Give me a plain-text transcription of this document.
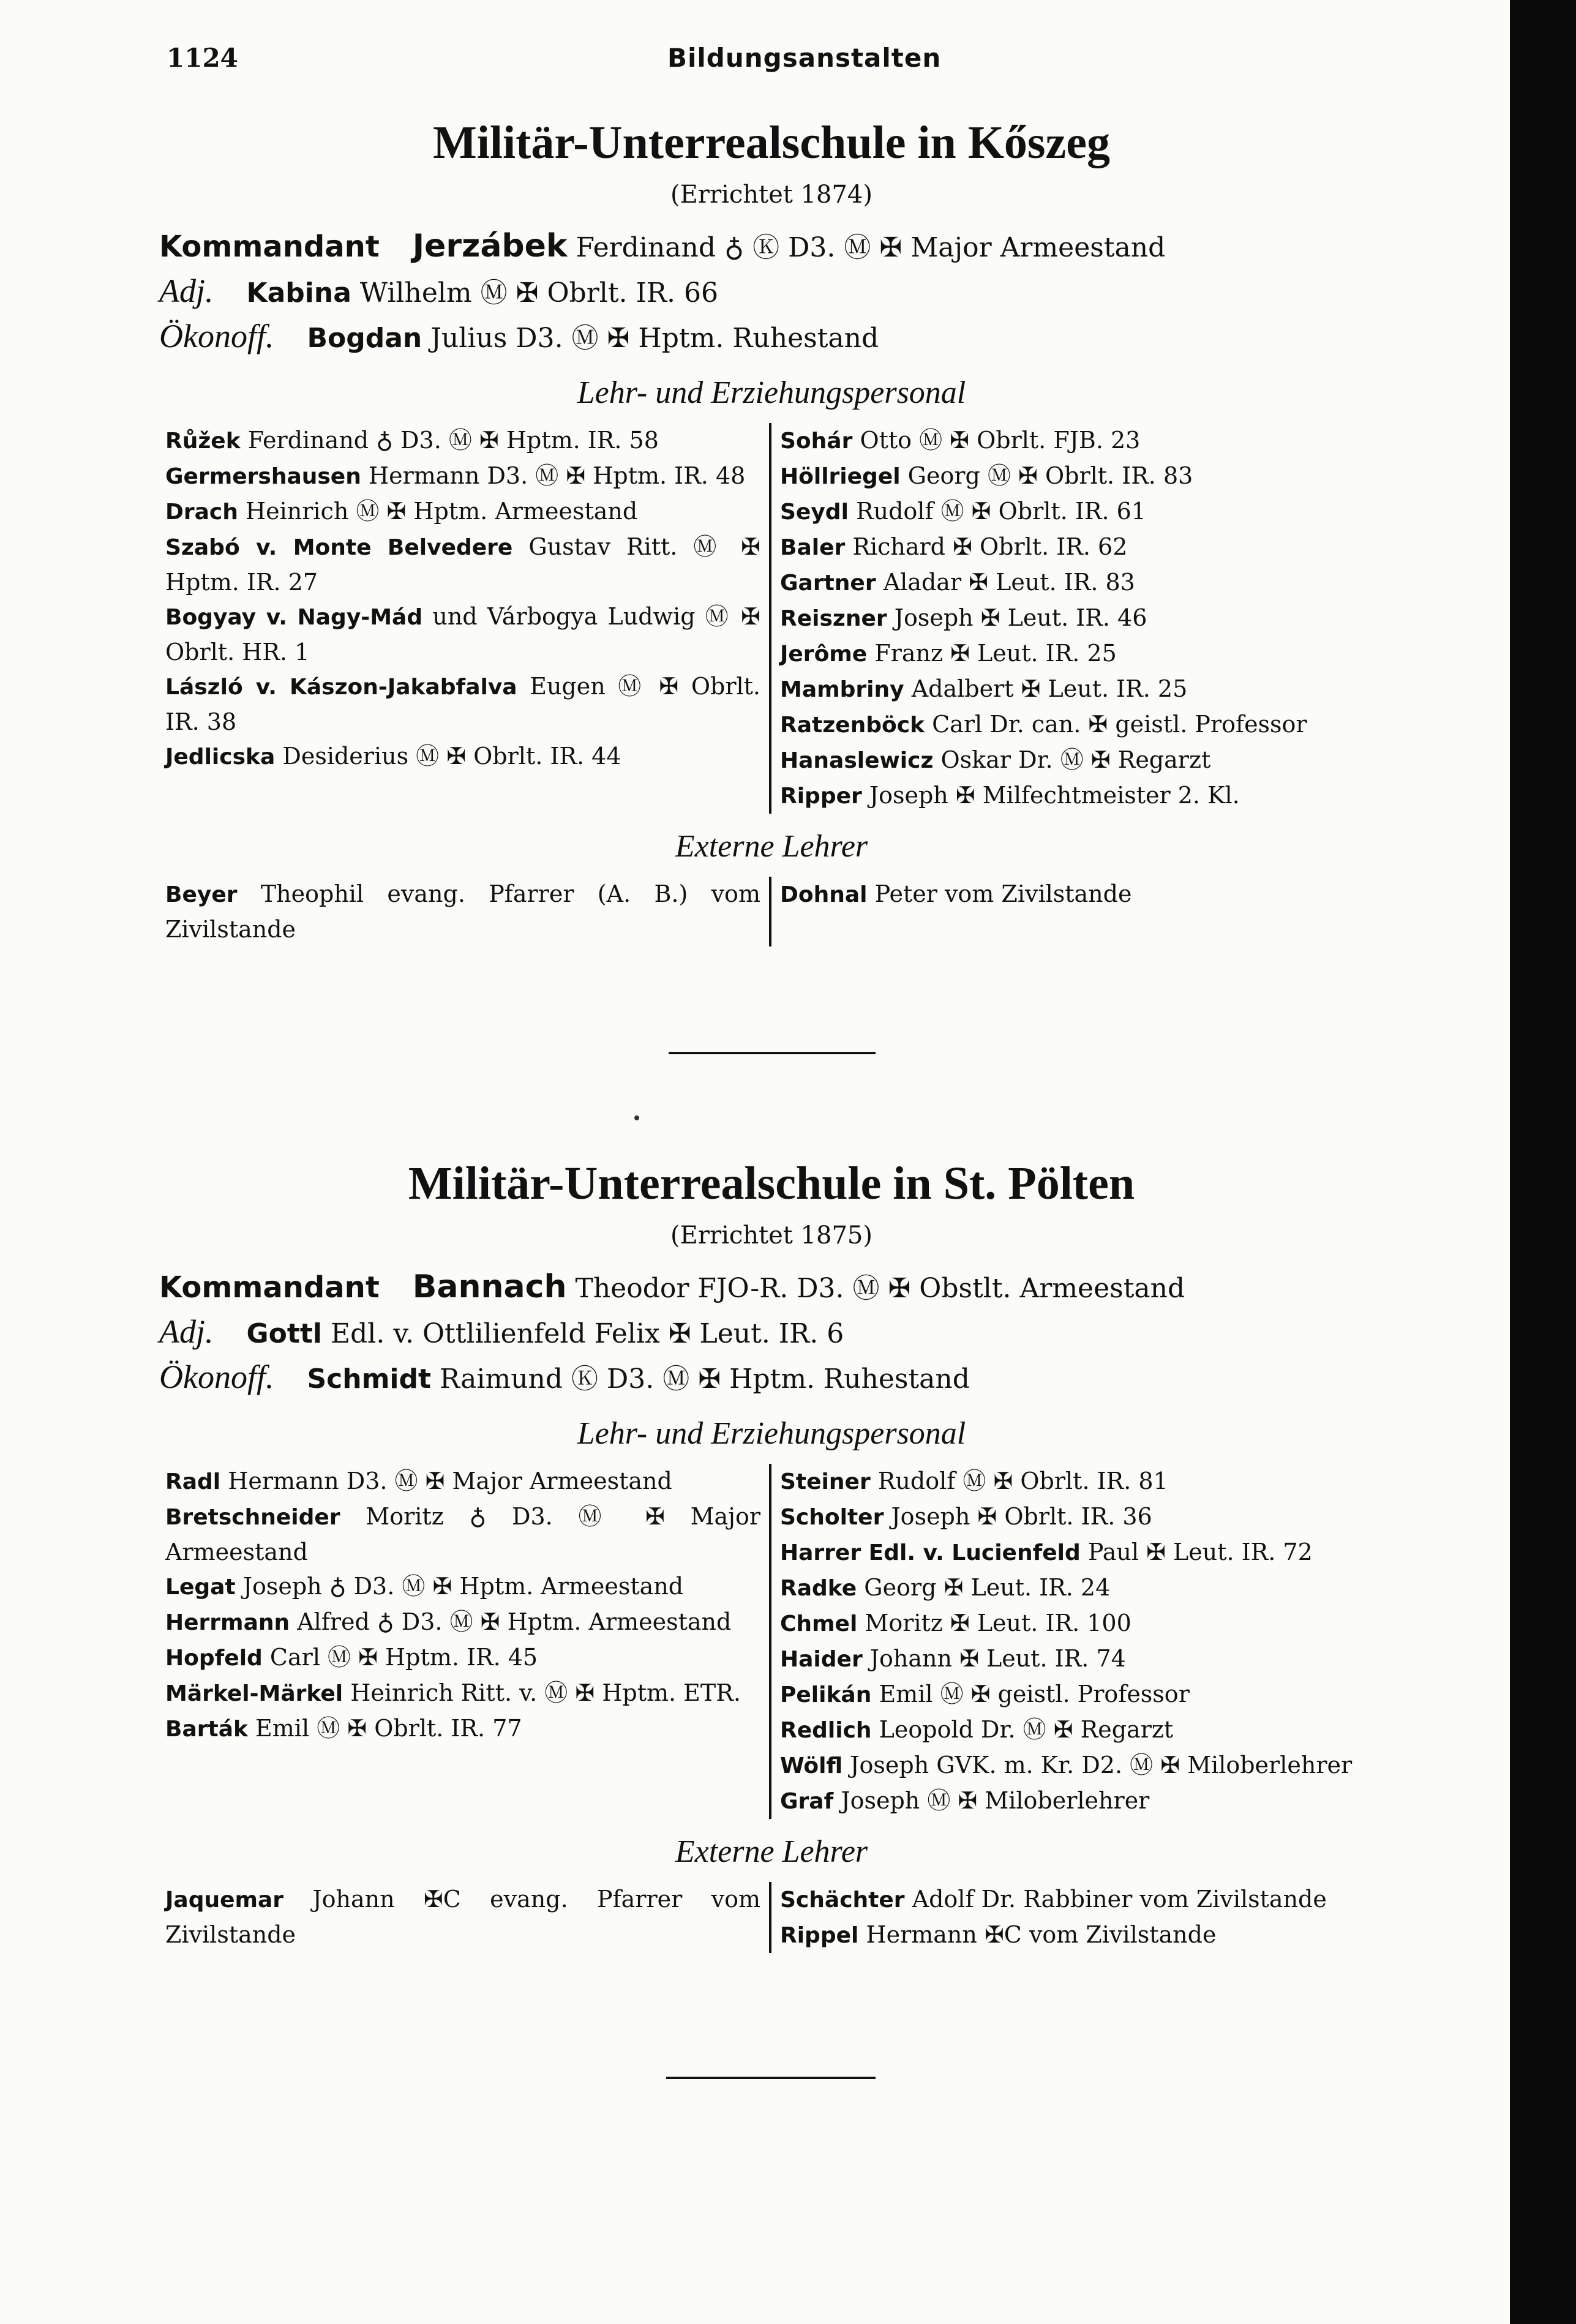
1124	Bildungsanstalten
Militär-Unterrealschule in Kőszeg
(Errichtet 1874)
Kommandant Jerzábek Ferdinand ♁ Ⓚ D3. Ⓜ ✠ Major Armeestand
Adj. Kabina Wilhelm Ⓜ ✠ Obrlt. IR. 66
Ökonoff. Bogdan Julius D3. Ⓜ ✠ Hptm. Ruhestand
Lehr- und Erziehungspersonal

Růžek Ferdinand ♁ D3. Ⓜ ✠ Hptm. IR. 58

Germershausen Hermann D3. Ⓜ ✠ Hptm. IR. 48

Drach Heinrich Ⓜ ✠ Hptm. Armeestand

Szabó v. Monte Belvedere Gustav Ritt. Ⓜ ✠ Hptm. IR. 27

Bogyay v. Nagy-Mád und Várbogya Ludwig Ⓜ ✠ Obrlt. HR. 1

László v. Kászon-Jakabfalva Eugen Ⓜ ✠ Obrlt. IR. 38

Jedlicska Desiderius Ⓜ ✠ Obrlt. IR. 44

Sohár Otto Ⓜ ✠ Obrlt. FJB. 23

Höllriegel Georg Ⓜ ✠ Obrlt. IR. 83

Seydl Rudolf Ⓜ ✠ Obrlt. IR. 61

Baler Richard ✠ Obrlt. IR. 62

Gartner Aladar ✠ Leut. IR. 83

Reiszner Joseph ✠ Leut. IR. 46

Jerôme Franz ✠ Leut. IR. 25

Mambriny Adalbert ✠ Leut. IR. 25

Ratzenböck Carl Dr. can. ✠ geistl. Professor

Hanaslewicz Oskar Dr. Ⓜ ✠ Regarzt

Ripper Joseph ✠ Milfechtmeister 2. Kl.

Externe Lehrer

Beyer Theophil evang. Pfarrer (A. B.) vom Zivilstande

Dohnal Peter vom Zivilstande

Militär-Unterrealschule in St. Pölten
(Errichtet 1875)
Kommandant Bannach Theodor FJO-R. D3. Ⓜ ✠ Obstlt. Armeestand
Adj. Gottl Edl. v. Ottlilienfeld Felix ✠ Leut. IR. 6
Ökonoff. Schmidt Raimund Ⓚ D3. Ⓜ ✠ Hptm. Ruhestand
Lehr- und Erziehungspersonal

Radl Hermann D3. Ⓜ ✠ Major Armeestand

Bretschneider Moritz ♁ D3. Ⓜ ✠ Major Armeestand

Legat Joseph ♁ D3. Ⓜ ✠ Hptm. Armeestand

Herrmann Alfred ♁ D3. Ⓜ ✠ Hptm. Armeestand

Hopfeld Carl Ⓜ ✠ Hptm. IR. 45

Märkel-Märkel Heinrich Ritt. v. Ⓜ ✠ Hptm. ETR.

Barták Emil Ⓜ ✠ Obrlt. IR. 77

Steiner Rudolf Ⓜ ✠ Obrlt. IR. 81

Scholter Joseph ✠ Obrlt. IR. 36

Harrer Edl. v. Lucienfeld Paul ✠ Leut. IR. 72

Radke Georg ✠ Leut. IR. 24

Chmel Moritz ✠ Leut. IR. 100

Haider Johann ✠ Leut. IR. 74

Pelikán Emil Ⓜ ✠ geistl. Professor

Redlich Leopold Dr. Ⓜ ✠ Regarzt

Wölfl Joseph GVK. m. Kr. D2. Ⓜ ✠ Miloberlehrer

Graf Joseph Ⓜ ✠ Miloberlehrer

Externe Lehrer

Jaquemar Johann ✠C evang. Pfarrer vom Zivilstande

Schächter Adolf Dr. Rabbiner vom Zivilstande

Rippel Hermann ✠C vom Zivilstande
